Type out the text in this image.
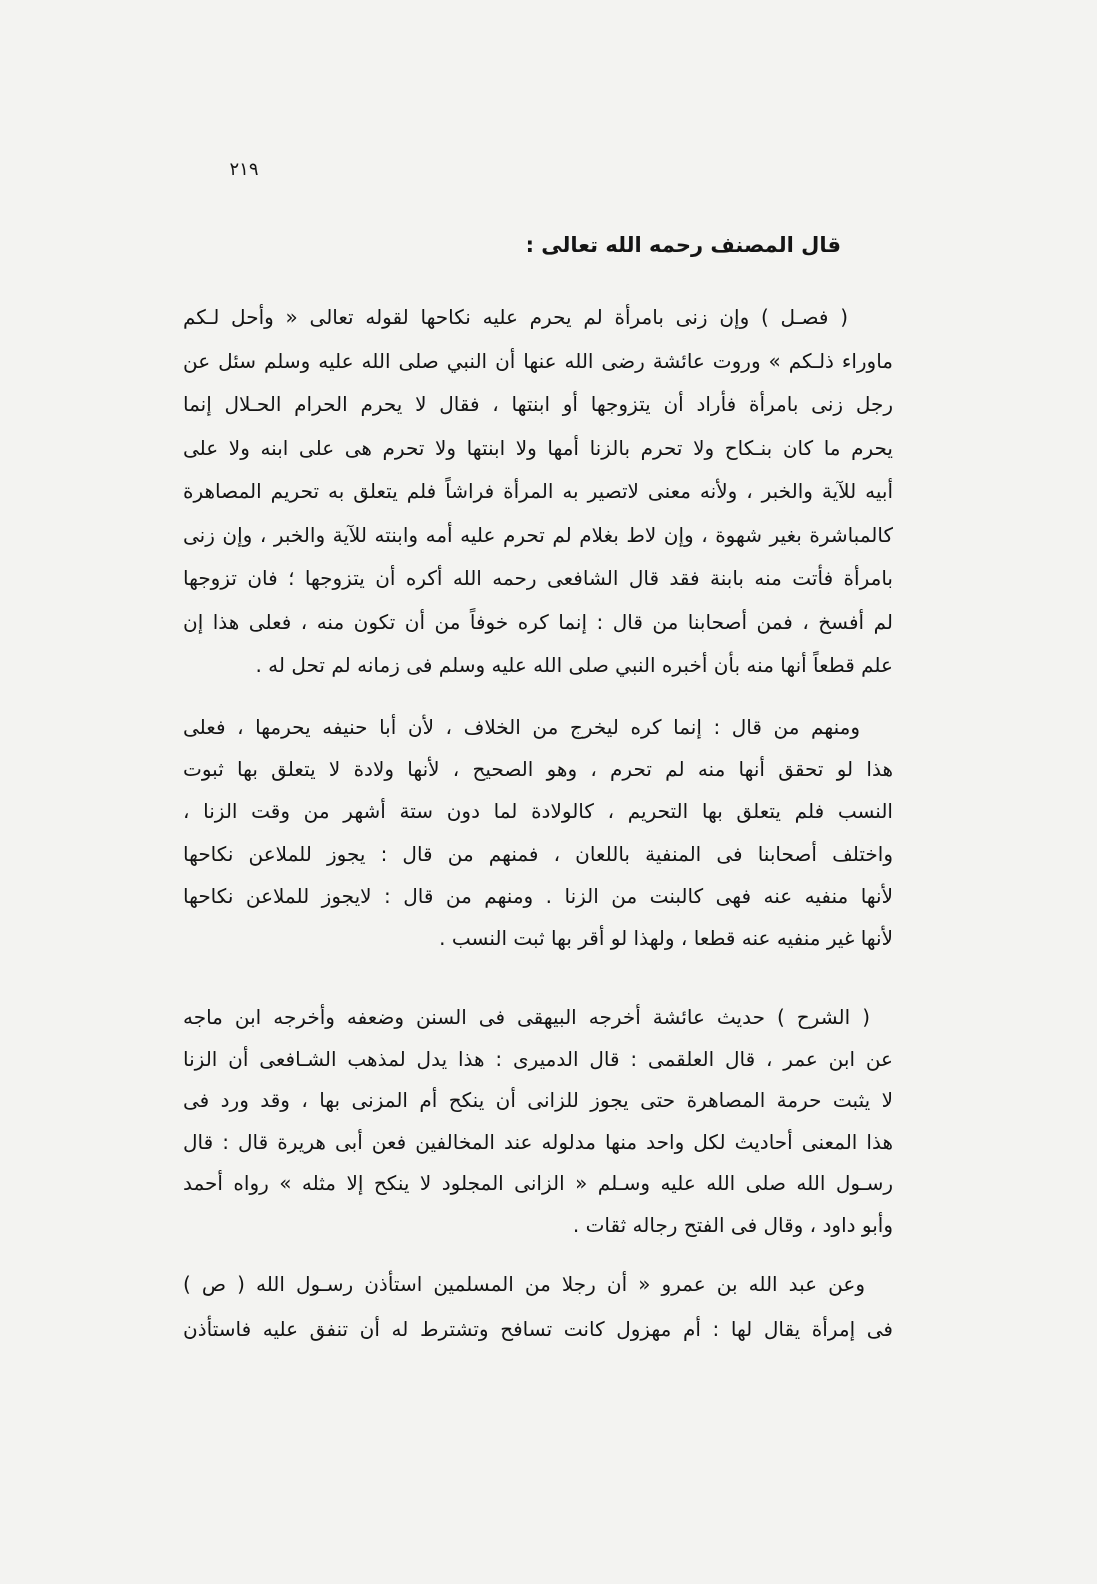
٢١٩
قال المصنف رحمه الله تعالى :
( فصـل ) وإن زنى بامرأة لم يحرم عليه نكاحها لقوله تعالى « وأحل لـكم
ماوراء ذلـكم » وروت عائشة رضى الله عنها أن النبي صلى الله عليه وسلم سئل عن
رجل زنى بامرأة فأراد أن يتزوجها أو ابنتها ، فقال لا يحرم الحرام الحـلال إنما
يحرم ما كان بنـكاح ولا تحرم بالزنا أمها ولا ابنتها ولا تحرم هى على ابنه ولا على
أبيه للآية والخبر ، ولأنه معنى لاتصير به المرأة فراشاً فلم يتعلق به تحريم المصاهرة
كالمباشرة بغير شهوة ، وإن لاط بغلام لم تحرم عليه أمه وابنته للآية والخبر ، وإن زنى
بامرأة فأتت منه بابنة فقد قال الشافعى رحمه الله أكره أن يتزوجها ؛ فان تزوجها
لم أفسخ ، فمن أصحابنا من قال : إنما كره خوفاً من أن تكون منه ، فعلى هذا إن
علم قطعاً أنها منه بأن أخبره النبي صلى الله عليه وسلم فى زمانه لم تحل له .
ومنهم من قال : إنما كره ليخرج من الخلاف ، لأن أبا حنيفه يحرمها ، فعلى
هذا لو تحقق أنها منه لم تحرم ، وهو الصحيح ، لأنها ولادة لا يتعلق بها ثبوت
النسب فلم يتعلق بها التحريم ، كالولادة لما دون ستة أشهر من وقت الزنا ،
واختلف أصحابنا فى المنفية باللعان ، فمنهم من قال : يجوز للملاعن نكاحها
لأنها منفيه عنه فهى كالبنت من الزنا . ومنهم من قال : لايجوز للملاعن نكاحها
لأنها غير منفيه عنه قطعا ، ولهذا لو أقر بها ثبت النسب .
( الشرح ) حديث عائشة أخرجه البيهقى فى السنن وضعفه وأخرجه ابن ماجه
عن ابن عمر ، قال العلقمى : قال الدميرى : هذا يدل لمذهب الشـافعى أن الزنا
لا يثبت حرمة المصاهرة حتى يجوز للزانى أن ينكح أم المزنى بها ، وقد ورد فى
هذا المعنى أحاديث لكل واحد منها مدلوله عند المخالفين فعن أبى هريرة قال : قال
رسـول الله صلى الله عليه وسـلم « الزانى المجلود لا ينكح إلا مثله » رواه أحمد
وأبو داود ، وقال فى الفتح رجاله ثقات .
وعن عبد الله بن عمرو « أن رجلا من المسلمين استأذن رسـول الله ( ص )
فى إمرأة يقال لها : أم مهزول كانت تسافح وتشترط له أن تنفق عليه فاستأذن
